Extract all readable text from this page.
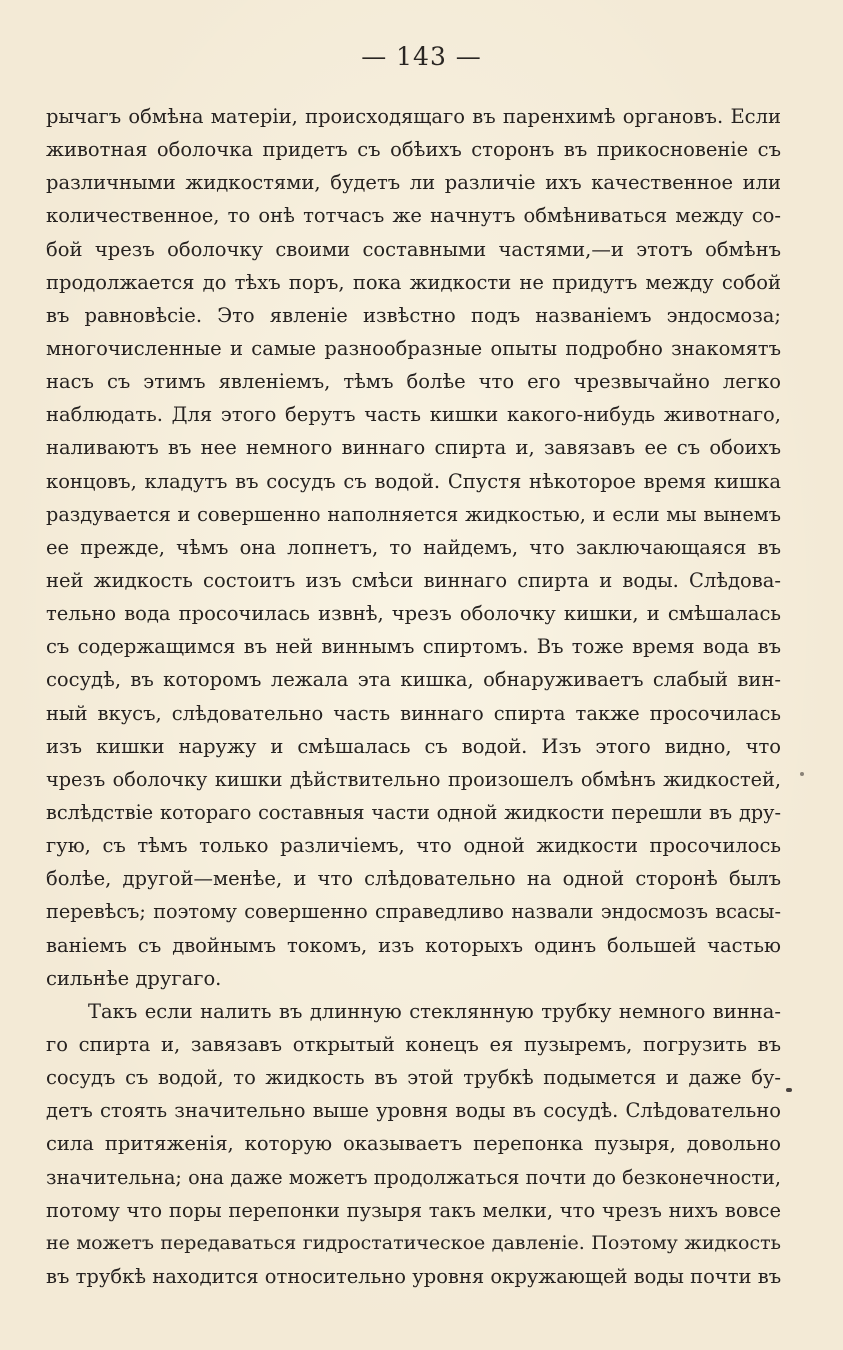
— 143 —
рычагъ обмѣна матеріи, происходящаго въ паренхимѣ органовъ. Если
животная оболочка придетъ съ обѣихъ сторонъ въ прикосновеніе съ
различными жидкостями, будетъ ли различіе ихъ качественное или
количественное, то онѣ тотчасъ же начнутъ обмѣниваться между со-
бой чрезъ оболочку своими составными частями,—и этотъ обмѣнъ
продолжается до тѣхъ поръ, пока жидкости не придутъ между собой
въ равновѣсіе. Это явленіе извѣстно подъ названіемъ эндосмоза;
многочисленные и самые разнообразные опыты подробно знакомятъ
насъ съ этимъ явленіемъ, тѣмъ болѣе что его чрезвычайно легко
наблюдать. Для этого берутъ часть кишки какого-нибудь животнаго,
наливаютъ въ нее немного виннаго спирта и, завязавъ ее съ обоихъ
концовъ, кладутъ въ сосудъ съ водой. Спустя нѣкоторое время кишка
раздувается и совершенно наполняется жидкостью, и если мы вынемъ
ее прежде, чѣмъ она лопнетъ, то найдемъ, что заключающаяся въ
ней жидкость состоитъ изъ смѣси виннаго спирта и воды. Слѣдова-
тельно вода просочилась извнѣ, чрезъ оболочку кишки, и смѣшалась
съ содержащимся въ ней виннымъ спиртомъ. Въ тоже время вода въ
сосудѣ, въ которомъ лежала эта кишка, обнаруживаетъ слабый вин-
ный вкусъ, слѣдовательно часть виннаго спирта также просочилась
изъ кишки наружу и смѣшалась съ водой. Изъ этого видно, что
чрезъ оболочку кишки дѣйствительно произошелъ обмѣнъ жидкостей,
вслѣдствіе котораго составныя части одной жидкости перешли въ дру-
гую, съ тѣмъ только различіемъ, что одной жидкости просочилось
болѣе, другой—менѣе, и что слѣдовательно на одной сторонѣ былъ
перевѣсъ; поэтому совершенно справедливо назвали эндосмозъ всасы-
ваніемъ съ двойнымъ токомъ, изъ которыхъ одинъ большей частью
сильнѣе другаго.
Такъ если налить въ длинную стеклянную трубку немного винна-
го спирта и, завязавъ открытый конецъ ея пузыремъ, погрузить въ
сосудъ съ водой, то жидкость въ этой трубкѣ подымется и даже бу-
детъ стоять значительно выше уровня воды въ сосудѣ. Слѣдовательно
сила притяженія, которую оказываетъ перепонка пузыря, довольно
значительна; она даже можетъ продолжаться почти до безконечности,
потому что поры перепонки пузыря такъ мелки, что чрезъ нихъ вовсе
не можетъ передаваться гидростатическое давленіе. Поэтому жидкость
въ трубкѣ находится относительно уровня окружающей воды почти въ
